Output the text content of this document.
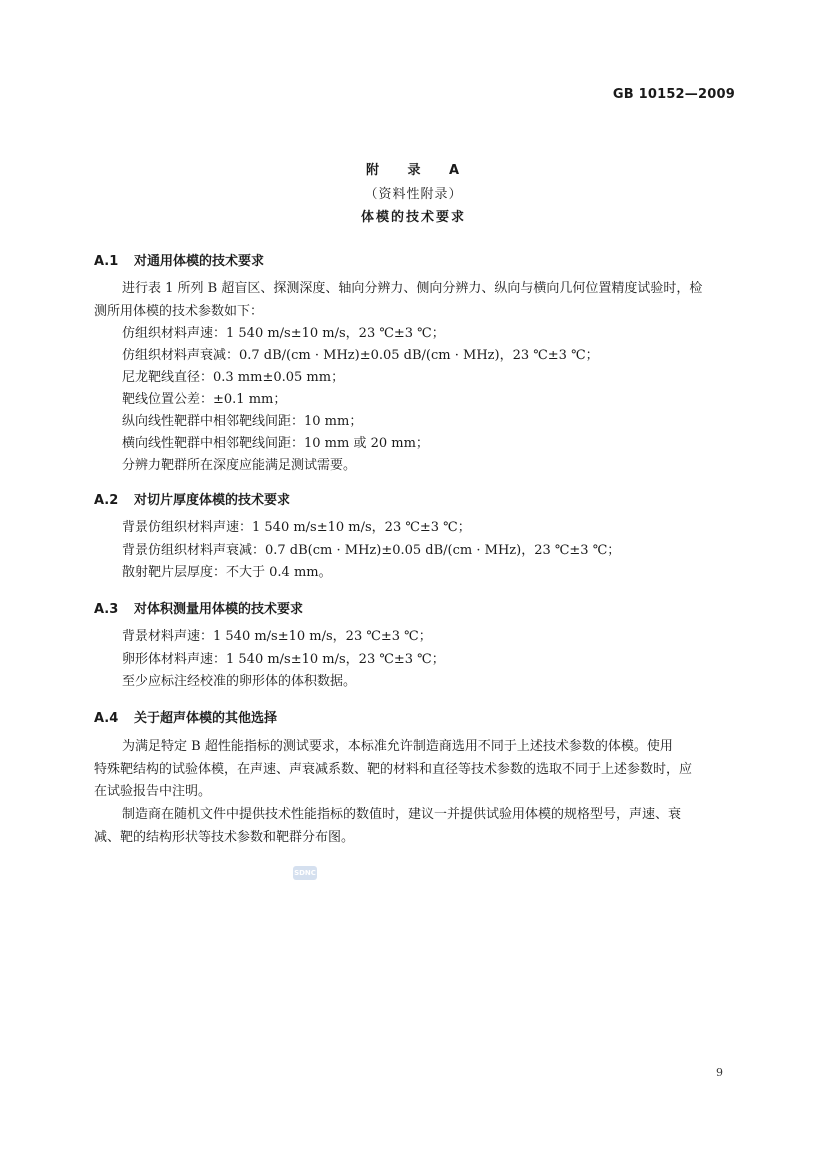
GB 10152—2009
附 录 A
（资料性附录）
体模的技术要求
A.1 对通用体模的技术要求
进行表 1 所列 B 超盲区、探测深度、轴向分辨力、侧向分辨力、纵向与横向几何位置精度试验时，检
测所用体模的技术参数如下：
仿组织材料声速：1 540 m/s±10 m/s，23 ℃±3 ℃；
仿组织材料声衰减：0.7 dB/(cm · MHz)±0.05 dB/(cm · MHz)，23 ℃±3 ℃；
尼龙靶线直径：0.3 mm±0.05 mm；
靶线位置公差：±0.1 mm；
纵向线性靶群中相邻靶线间距：10 mm；
横向线性靶群中相邻靶线间距：10 mm 或 20 mm；
分辨力靶群所在深度应能满足测试需要。
A.2 对切片厚度体模的技术要求
背景仿组织材料声速：1 540 m/s±10 m/s，23 ℃±3 ℃；
背景仿组织材料声衰减：0.7 dB(cm · MHz)±0.05 dB/(cm · MHz)，23 ℃±3 ℃；
散射靶片层厚度：不大于 0.4 mm。
A.3 对体积测量用体模的技术要求
背景材料声速：1 540 m/s±10 m/s，23 ℃±3 ℃；
卵形体材料声速：1 540 m/s±10 m/s，23 ℃±3 ℃；
至少应标注经校准的卵形体的体积数据。
A.4 关于超声体模的其他选择
为满足特定 B 超性能指标的测试要求，本标准允许制造商选用不同于上述技术参数的体模。使用
特殊靶结构的试验体模，在声速、声衰减系数、靶的材料和直径等技术参数的选取不同于上述参数时，应
在试验报告中注明。
制造商在随机文件中提供技术性能指标的数值时，建议一并提供试验用体模的规格型号，声速、衰
减、靶的结构形状等技术参数和靶群分布图。
SDNC
9
